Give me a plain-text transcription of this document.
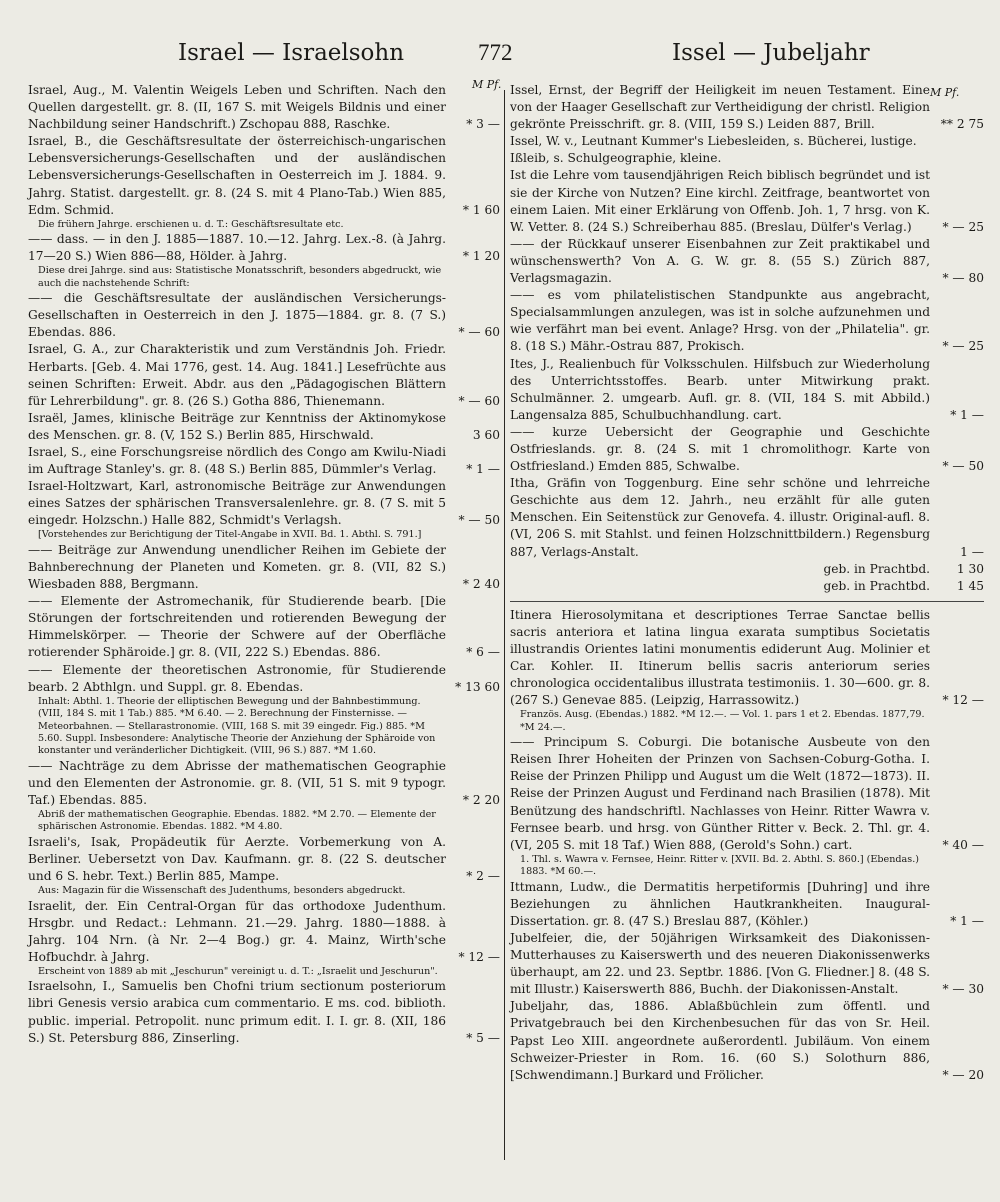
Israel — Israelsohn	772	Issel — Jubeljahr
M Pf.
M Pf.
Israel, Aug., M. Valentin Weigels Leben und Schriften. Nach den Quellen dargestellt. gr. 8. (II, 167 S. mit Weigels Bildnis und einer Nachbildung seiner Handschrift.) Zschopau 888, Raschke.	* 3 —
Israel, B., die Geschäftsresultate der österreichisch-ungarischen Lebensversicherungs-Gesellschaften und der ausländischen Lebensversicherungs-Gesellschaften in Oesterreich im J. 1884. 9. Jahrg. Statist. dargestellt. gr. 8. (24 S. mit 4 Plano-Tab.) Wien 885, Edm. Schmid.	* 1 60
Die frühern Jahrge. erschienen u. d. T.: Geschäftsresultate etc.
—— dass. — in den J. 1885—1887. 10.—12. Jahrg. Lex.-8. (à Jahrg. 17—20 S.) Wien 886—88, Hölder. à Jahrg.	* 1 20
Diese drei Jahrge. sind aus: Statistische Monatsschrift, besonders abgedruckt, wie auch die nachstehende Schrift:
—— die Geschäftsresultate der ausländischen Versicherungs-Gesellschaften in Oesterreich in den J. 1875—1884. gr. 8. (7 S.) Ebendas. 886.	* — 60
Israel, G. A., zur Charakteristik und zum Verständnis Joh. Friedr. Herbarts. [Geb. 4. Mai 1776, gest. 14. Aug. 1841.] Lesefrüchte aus seinen Schriften: Erweit. Abdr. aus den „Pädagogischen Blättern für Lehrerbildung". gr. 8. (26 S.) Gotha 886, Thienemann.	* — 60
Israël, James, klinische Beiträge zur Kenntniss der Aktinomykose des Menschen. gr. 8. (V, 152 S.) Berlin 885, Hirschwald.	3 60
Israel, S., eine Forschungsreise nördlich des Congo am Kwilu-Niadi im Auftrage Stanley's. gr. 8. (48 S.) Berlin 885, Dümmler's Verlag.	* 1 —
Israel-Holtzwart, Karl, astronomische Beiträge zur Anwendungen eines Satzes der sphärischen Transversalenlehre. gr. 8. (7 S. mit 5 eingedr. Holzschn.) Halle 882, Schmidt's Verlagsh.	* — 50
[Vorstehendes zur Berichtigung der Titel-Angabe in XVII. Bd. 1. Abthl. S. 791.]
—— Beiträge zur Anwendung unendlicher Reihen im Gebiete der Bahnberechnung der Planeten und Kometen. gr. 8. (VII, 82 S.) Wiesbaden 888, Bergmann.	* 2 40
—— Elemente der Astromechanik, für Studierende bearb. [Die Störungen der fortschreitenden und rotierenden Bewegung der Himmelskörper. — Theorie der Schwere auf der Oberfläche rotierender Sphäroide.] gr. 8. (VII, 222 S.) Ebendas. 886.	* 6 —
—— Elemente der theoretischen Astronomie, für Studierende bearb. 2 Abthlgn. und Suppl. gr. 8. Ebendas.	* 13 60
Inhalt: Abthl. 1. Theorie der elliptischen Bewegung und der Bahnbestimmung. (VIII, 184 S. mit 1 Tab.) 885. *M 6.40. — 2. Berechnung der Finsternisse. — Meteorbahnen. — Stellarastronomie. (VIII, 168 S. mit 39 eingedr. Fig.) 885. *M 5.60. Suppl. Insbesondere: Analytische Theorie der Anziehung der Sphäroide von konstanter und veränderlicher Dichtigkeit. (VIII, 96 S.) 887. *M 1.60.
—— Nachträge zu dem Abrisse der mathematischen Geographie und den Elementen der Astronomie. gr. 8. (VII, 51 S. mit 9 typogr. Taf.) Ebendas. 885.	* 2 20
Abriß der mathematischen Geographie. Ebendas. 1882. *M 2.70. — Elemente der sphärischen Astronomie. Ebendas. 1882. *M 4.80.
Israeli's, Isak, Propädeutik für Aerzte. Vorbemerkung von A. Berliner. Uebersetzt von Dav. Kaufmann. gr. 8. (22 S. deutscher und 6 S. hebr. Text.) Berlin 885, Mampe.	* 2 —
Aus: Magazin für die Wissenschaft des Judenthums, besonders abgedruckt.
Israelit, der. Ein Central-Organ für das orthodoxe Judenthum. Hrsgbr. und Redact.: Lehmann. 21.—29. Jahrg. 1880—1888. à Jahrg. 104 Nrn. (à Nr. 2—4 Bog.) gr. 4. Mainz, Wirth'sche Hofbuchdr. à Jahrg.	* 12 —
Erscheint von 1889 ab mit „Jeschurun" vereinigt u. d. T.: „Israelit und Jeschurun".
Israelsohn, I., Samuelis ben Chofni trium sectionum posteriorum libri Genesis versio arabica cum commentario. E ms. cod. biblioth. public. imperial. Petropolit. nunc primum edit. I. I. gr. 8. (XII, 186 S.) St. Petersburg 886, Zinserling.	* 5 —
Issel, Ernst, der Begriff der Heiligkeit im neuen Testament. Eine von der Haager Gesellschaft zur Vertheidigung der christl. Religion gekrönte Preisschrift. gr. 8. (VIII, 159 S.) Leiden 887, Brill.	** 2 75
Issel, W. v., Leutnant Kummer's Liebesleiden, s. Bücherei, lustige.
Ißleib, s. Schulgeographie, kleine.
Ist die Lehre vom tausendjährigen Reich biblisch begründet und ist sie der Kirche von Nutzen? Eine kirchl. Zeitfrage, beantwortet von einem Laien. Mit einer Erklärung von Offenb. Joh. 1, 7 hrsg. von K. W. Vetter. 8. (24 S.) Schreiberhau 885. (Breslau, Dülfer's Verlag.)	* — 25
—— der Rückkauf unserer Eisenbahnen zur Zeit praktikabel und wünschenswerth? Von A. G. W. gr. 8. (55 S.) Zürich 887, Verlagsmagazin.	* — 80
—— es vom philatelistischen Standpunkte aus angebracht, Specialsammlungen anzulegen, was ist in solche aufzunehmen und wie verfährt man bei event. Anlage? Hrsg. von der „Philatelia". gr. 8. (18 S.) Mähr.-Ostrau 887, Prokisch.	* — 25
Ites, J., Realienbuch für Volksschulen. Hilfsbuch zur Wiederholung des Unterrichtsstoffes. Bearb. unter Mitwirkung prakt. Schulmänner. 2. umgearb. Aufl. gr. 8. (VII, 184 S. mit Abbild.) Langensalza 885, Schulbuchhandlung. cart.	* 1 —
—— kurze Uebersicht der Geographie und Geschichte Ostfrieslands. gr. 8. (24 S. mit 1 chromolithogr. Karte von Ostfriesland.) Emden 885, Schwalbe.	* — 50
Itha, Gräfin von Toggenburg. Eine sehr schöne und lehrreiche Geschichte aus dem 12. Jahrh., neu erzählt für alle guten Menschen. Ein Seitenstück zur Genovefa. 4. illustr. Original-aufl. 8. (VI, 206 S. mit Stahlst. und feinen Holzschnittbildern.) Regensburg 887, Verlags-Anstalt.	1 —
geb. in Prachtbd. 1 30
geb. in Prachtbd. 1 45
Itinera Hierosolymitana et descriptiones Terrae Sanctae bellis sacris anteriora et latina lingua exarata sumptibus Societatis illustrandis Orientes latini monumentis ediderunt Aug. Molinier et Car. Kohler. II. Itinerum bellis sacris anteriorum series chronologica occidentalibus illustrata testimoniis. 1. 30—600. gr. 8. (267 S.) Genevae 885. (Leipzig, Harrassowitz.)	* 12 —
Französ. Ausg. (Ebendas.) 1882. *M 12.—. — Vol. 1. pars 1 et 2. Ebendas. 1877,79. *M 24.—.
—— Principum S. Coburgi. Die botanische Ausbeute von den Reisen Ihrer Hoheiten der Prinzen von Sachsen-Coburg-Gotha. I. Reise der Prinzen Philipp und August um die Welt (1872—1873). II. Reise der Prinzen August und Ferdinand nach Brasilien (1878). Mit Benützung des handschriftl. Nachlasses von Heinr. Ritter Wawra v. Fernsee bearb. und hrsg. von Günther Ritter v. Beck. 2. Thl. gr. 4. (VI, 205 S. mit 18 Taf.) Wien 888, (Gerold's Sohn.) cart.	* 40 —
1. Thl. s. Wawra v. Fernsee, Heinr. Ritter v. [XVII. Bd. 2. Abthl. S. 860.] (Ebendas.) 1883. *M 60.—.
Ittmann, Ludw., die Dermatitis herpetiformis [Duhring] und ihre Beziehungen zu ähnlichen Hautkrankheiten. Inaugural-Dissertation. gr. 8. (47 S.) Breslau 887, (Köhler.)	* 1 —
Jubelfeier, die, der 50jährigen Wirksamkeit des Diakonissen-Mutterhauses zu Kaiserswerth und des neueren Diakonissenwerks überhaupt, am 22. und 23. Septbr. 1886. [Von G. Fliedner.] 8. (48 S. mit Illustr.) Kaiserswerth 886, Buchh. der Diakonissen-Anstalt.	* — 30
Jubeljahr, das, 1886. Ablaßbüchlein zum öffentl. und Privatgebrauch bei den Kirchenbesuchen für das von Sr. Heil. Papst Leo XIII. angeordnete außerordentl. Jubiläum. Von einem Schweizer-Priester in Rom. 16. (60 S.) Solothurn 886, [Schwendimann.] Burkard und Frölicher.	* — 20
